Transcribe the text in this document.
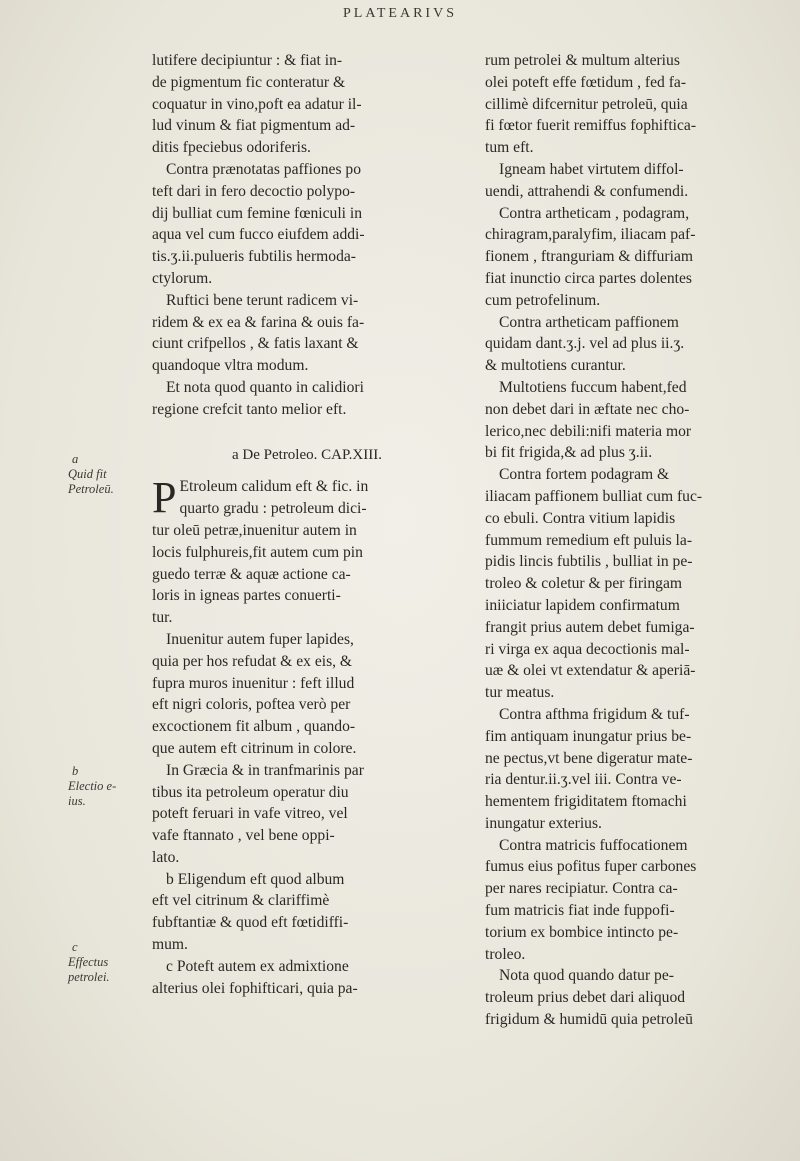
PLATEARIVS
a
Quid fit
Petroleū.
b
Electio e-
ius.
c
Effectus
petrolei.
lutifere decipiuntur : & fiat in-
de pigmentum fic conteratur &
coquatur in vino,poft ea adatur il-
lud vinum & fiat pigmentum ad-
ditis fpeciebus odoriferis.
Contra prænotatas paffiones po
teft dari in fero decoctio polypo-
dij bulliat cum femine fœniculi in
aqua vel cum fucco eiufdem addi-
tis.ʒ.ii.pulueris fubtilis hermoda-
ctylorum.
Ruftici bene terunt radicem vi-
ridem & ex ea & farina & ouis fa-
ciunt crifpellos , & fatis laxant &
quandoque vltra modum.
Et nota quod quanto in calidiori
regione crefcit tanto melior eft.
a De Petroleo. CAP.XIII.
P Etroleum calidum eft & fic. in
quarto gradu : petroleum dici-
tur oleū petræ,inuenitur autem in
locis fulphureis,fit autem cum pin
guedo terræ & aquæ actione ca-
loris in igneas partes conuerti-
tur.
Inuenitur autem fuper lapides,
quia per hos refudat & ex eis, &
fupra muros inuenitur : feft illud
eft nigri coloris, poftea verò per
excoctionem fit album , quando-
que autem eft citrinum in colore.
In Græcia & in tranfmarinis par
tibus ita petroleum operatur diu
poteft feruari in vafe vitreo, vel
vafe ftannato , vel bene oppi-
lato.
b Eligendum eft quod album
eft vel citrinum & clariffimè
fubftantiæ & quod eft fœtidiffi-
mum.
c Poteft autem ex admixtione
alterius olei fophifticari, quia pa-
rum petrolei & multum alterius
olei poteft effe fœtidum , fed fa-
cillimè difcernitur petroleū, quia
fi fœtor fuerit remiffus fophiftica-
tum eft.
Igneam habet virtutem diffol-
uendi, attrahendi & confumendi.
Contra artheticam , podagram,
chiragram,paralyfim, iliacam paf-
fionem , ftranguriam & diffuriam
fiat inunctio circa partes dolentes
cum petrofelinum.
Contra artheticam paffionem
quidam dant.ʒ.j. vel ad plus ii.ʒ.
& multotiens curantur.
Multotiens fuccum habent,fed
non debet dari in æftate nec cho-
lerico,nec debili:nifi materia mor
bi fit frigida,& ad plus ʒ.ii.
Contra fortem podagram &
iliacam paffionem bulliat cum fuc-
co ebuli. Contra vitium lapidis
fummum remedium eft puluis la-
pidis lincis fubtilis , bulliat in pe-
troleo & coletur & per firingam
iniiciatur lapidem confirmatum
frangit prius autem debet fumiga-
ri virga ex aqua decoctionis mal-
uæ & olei vt extendatur & aperiā-
tur meatus.
Contra afthma frigidum & tuf-
fim antiquam inungatur prius be-
ne pectus,vt bene digeratur mate-
ria dentur.ii.ʒ.vel iii. Contra ve-
hementem frigiditatem ftomachi
inungatur exterius.
Contra matricis fuffocationem
fumus eius pofitus fuper carbones
per nares recipiatur. Contra ca-
fum matricis fiat inde fuppofi-
torium ex bombice intincto pe-
troleo.
Nota quod quando datur pe-
troleum prius debet dari aliquod
frigidum & humidū quia petroleū
